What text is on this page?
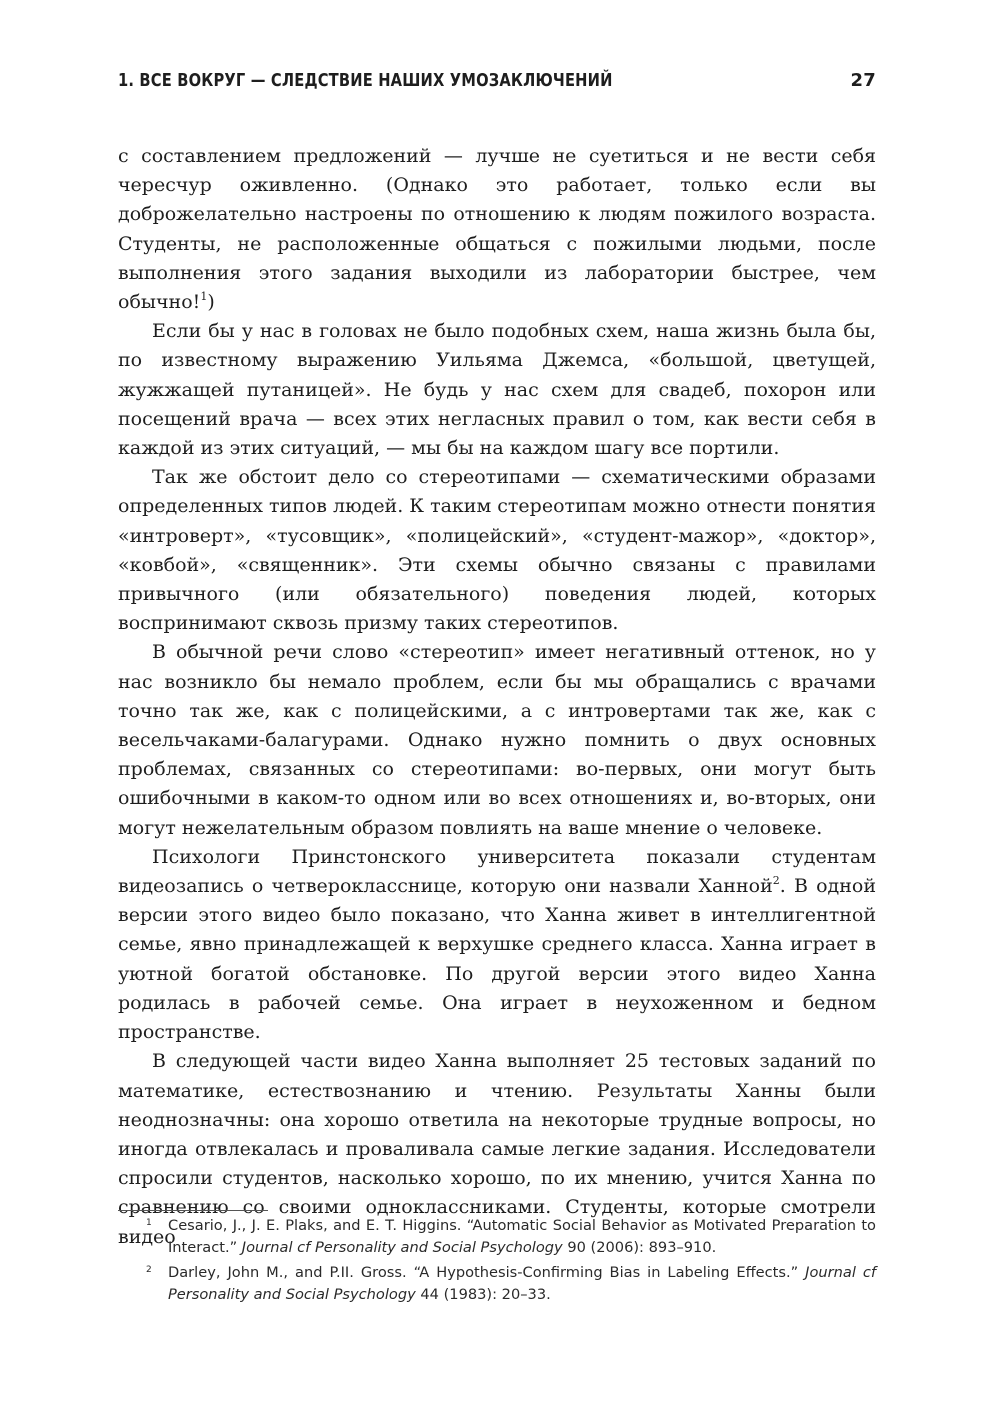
1. ВСЕ ВОКРУГ — СЛЕДСТВИЕ НАШИХ УМОЗАКЛЮЧЕНИЙ	27

с составлением предложений — лучше не суетиться и не вести себя чересчур оживленно. (Однако это работает, только если вы доброжелательно настроены по отношению к людям пожилого возраста. Студенты, не расположенные общаться с пожилыми людьми, после выполнения этого задания выходили из лаборатории быстрее, чем обычно!$^1$)

Если бы у нас в головах не было подобных схем, наша жизнь была бы, по известному выражению Уильяма Джемса, «большой, цветущей, жужжащей путаницей». Не будь у нас схем для свадеб, похорон или посещений врача — всех этих негласных правил о том, как вести себя в каждой из этих ситуаций, — мы бы на каждом шагу все портили.

Так же обстоит дело со стереотипами — схематическими образами определенных типов людей. К таким стереотипам можно отнести понятия «интроверт», «тусовщик», «полицейский», «студент-мажор», «доктор», «ковбой», «священник». Эти схемы обычно связаны с правилами привычного (или обязательного) поведения людей, которых воспринимают сквозь призму таких стереотипов.

В обычной речи слово «стереотип» имеет негативный оттенок, но у нас возникло бы немало проблем, если бы мы обращались с врачами точно так же, как с полицейскими, а с интровертами так же, как с весельчаками-балагурами. Однако нужно помнить о двух основных проблемах, связанных со стереотипами: во-первых, они могут быть ошибочными в каком-то одном или во всех отношениях и, во-вторых, они могут нежелательным образом повлиять на ваше мнение о человеке.

Психологи Принстонского университета показали студентам видеозапись о четверокласснице, которую они назвали Ханной$^2$. В одной версии этого видео было показано, что Ханна живет в интеллигентной семье, явно принадлежащей к верхушке среднего класса. Ханна играет в уютной богатой обстановке. По другой версии этого видео Ханна родилась в рабочей семье. Она играет в неухоженном и бедном пространстве.

В следующей части видео Ханна выполняет 25 тестовых заданий по математике, естествознанию и чтению. Результаты Ханны были неоднозначны: она хорошо ответила на некоторые трудные вопросы, но иногда отвлекалась и проваливала самые легкие задания. Исследователи спросили студентов, насколько хорошо, по их мнению, учится Ханна по сравнению со своими одноклассниками. Студенты, которые смотрели видео

1 Cesario, J., J. E. Plaks, and E. T. Higgins. “Automatic Social Behavior as Motivated Preparation to Interact.” Journal cf Personality and Social Psychology 90 (2006): 893–910.
2 Darley, John M., and P.II. Gross. “A Hypothesis-Confirming Bias in Labeling Effects.” Journal cf Personality and Social Psychology 44 (1983): 20–33.
